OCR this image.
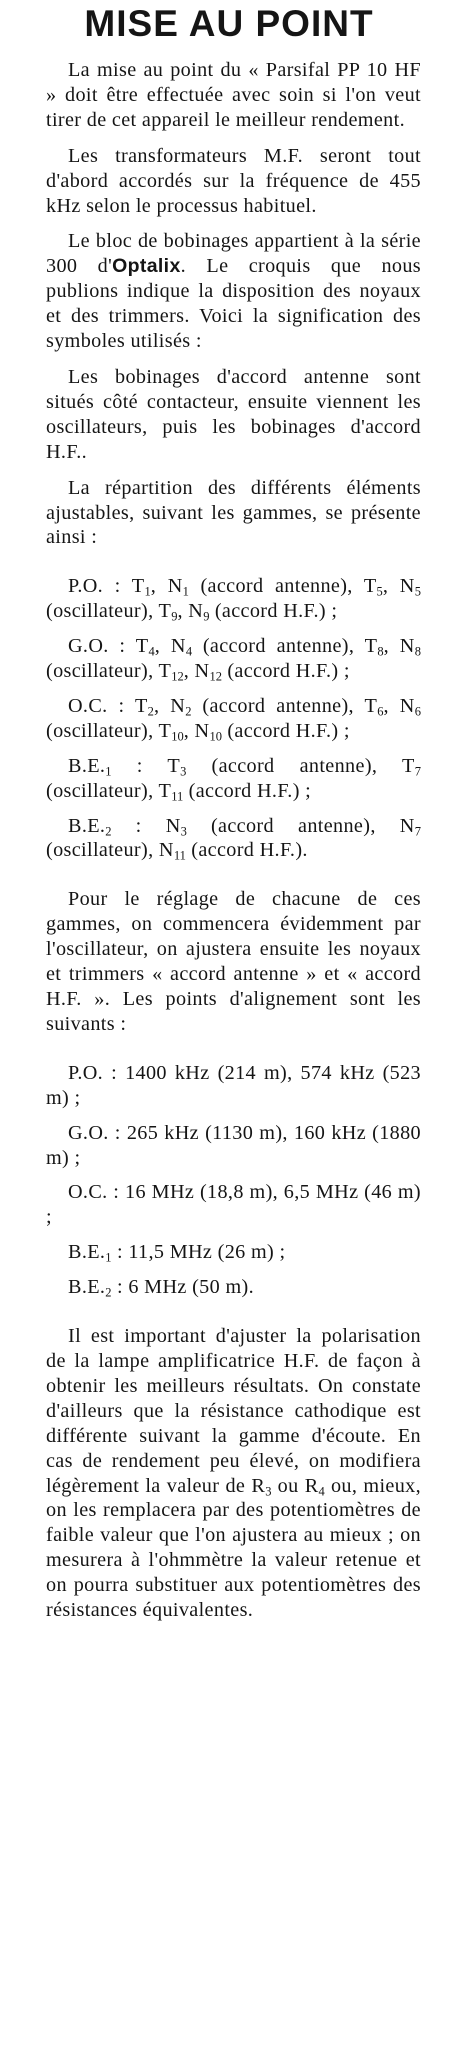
MISE AU POINT

La mise au point du « Parsifal PP 10 HF » doit être effectuée avec soin si l'on veut tirer de cet appareil le meilleur rendement.

Les transformateurs M.F. seront tout d'abord accordés sur la fréquence de 455 kHz selon le processus habituel.

Le bloc de bobinages appartient à la série 300 d'Optalix. Le croquis que nous publions indique la disposition des noyaux et des trimmers. Voici la signification des symboles utilisés :

Les bobinages d'accord antenne sont situés côté contacteur, ensuite viennent les oscillateurs, puis les bobinages d'accord H.F..

La répartition des différents éléments ajustables, suivant les gammes, se présente ainsi :

P.O. : $T_1$, $N_1$ (accord antenne), $T_5$, $N_5$ (oscillateur), $T_9$, $N_9$ (accord H.F.) ;

G.O. : $T_4$, $N_4$ (accord antenne), $T_8$, $N_8$ (oscillateur), $T_{12}$, $N_{12}$ (accord H.F.) ;

O.C. : $T_2$, $N_2$ (accord antenne), $T_6$, $N_6$ (oscillateur), $T_{10}$, $N_{10}$ (accord H.F.) ;

$B.E._1$ : $T_3$ (accord antenne), $T_7$ (oscillateur), $T_{11}$ (accord H.F.) ;

$B.E._2$ : $N_3$ (accord antenne), $N_7$ (oscillateur), $N_{11}$ (accord H.F.).

Pour le réglage de chacune de ces gammes, on commencera évidemment par l'oscillateur, on ajustera ensuite les noyaux et trimmers « accord antenne » et « accord H.F. ». Les points d'alignement sont les suivants :

P.O. : 1400 kHz (214 m), 574 kHz (523 m) ;

G.O. : 265 kHz (1130 m), 160 kHz (1880 m) ;

O.C. : 16 MHz (18,8 m), 6,5 MHz (46 m) ;

$B.E._1$ : 11,5 MHz (26 m) ;

$B.E._2$ : 6 MHz (50 m).

Il est important d'ajuster la polarisation de la lampe amplificatrice H.F. de façon à obtenir les meilleurs résultats. On constate d'ailleurs que la résistance cathodique est différente suivant la gamme d'écoute. En cas de rendement peu élevé, on modifiera légèrement la valeur de $R_3$ ou $R_4$ ou, mieux, on les remplacera par des potentiomètres de faible valeur que l'on ajustera au mieux ; on mesurera à l'ohmmètre la valeur retenue et on pourra substituer aux potentiomètres des résistances équivalentes.
